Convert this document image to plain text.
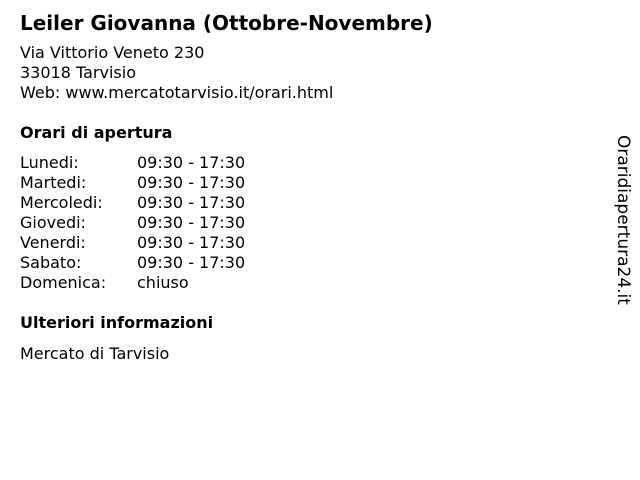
Leiler Giovanna (Ottobre-Novembre)
Via Vittorio Veneto 230
33018 Tarvisio
Web: www.mercatotarvisio.it/orari.html
Orari di apertura
Lunedi:	09:30 - 17:30
Martedi:	09:30 - 17:30
Mercoledi:	09:30 - 17:30
Giovedi:	09:30 - 17:30
Venerdi:	09:30 - 17:30
Sabato:	09:30 - 17:30
Domenica:	chiuso
Ulteriori informazioni
Mercato di Tarvisio
Oraridiapertura24.it
